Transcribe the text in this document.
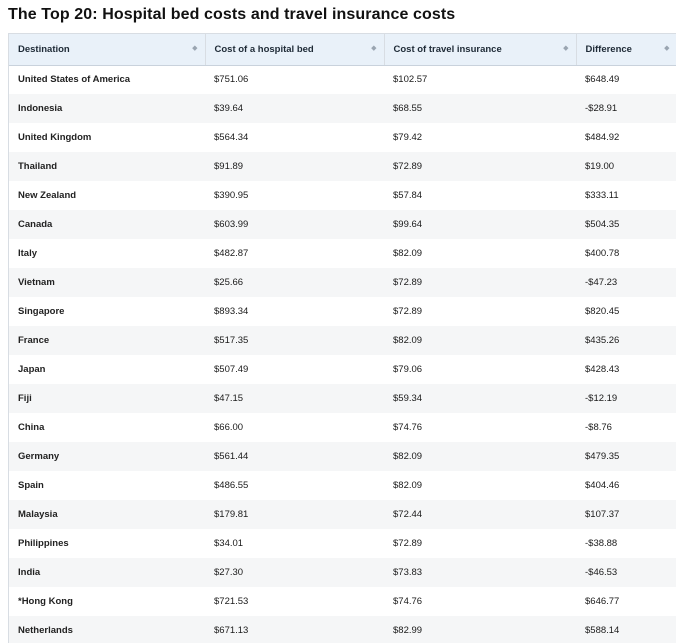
The Top 20: Hospital bed costs and travel insurance costs
Destination ◆	Cost of a hospital bed ◆	Cost of travel insurance ◆	Difference ◆

United States of America	$751.06	$102.57	$648.49
Indonesia	$39.64	$68.55	-$28.91
United Kingdom	$564.34	$79.42	$484.92
Thailand	$91.89	$72.89	$19.00
New Zealand	$390.95	$57.84	$333.11
Canada	$603.99	$99.64	$504.35
Italy	$482.87	$82.09	$400.78
Vietnam	$25.66	$72.89	-$47.23
Singapore	$893.34	$72.89	$820.45
France	$517.35	$82.09	$435.26
Japan	$507.49	$79.06	$428.43
Fiji	$47.15	$59.34	-$12.19
China	$66.00	$74.76	-$8.76
Germany	$561.44	$82.09	$479.35
Spain	$486.55	$82.09	$404.46
Malaysia	$179.81	$72.44	$107.37
Philippines	$34.01	$72.89	-$38.88
India	$27.30	$73.83	-$46.53
*Hong Kong	$721.53	$74.76	$646.77
Netherlands	$671.13	$82.99	$588.14
